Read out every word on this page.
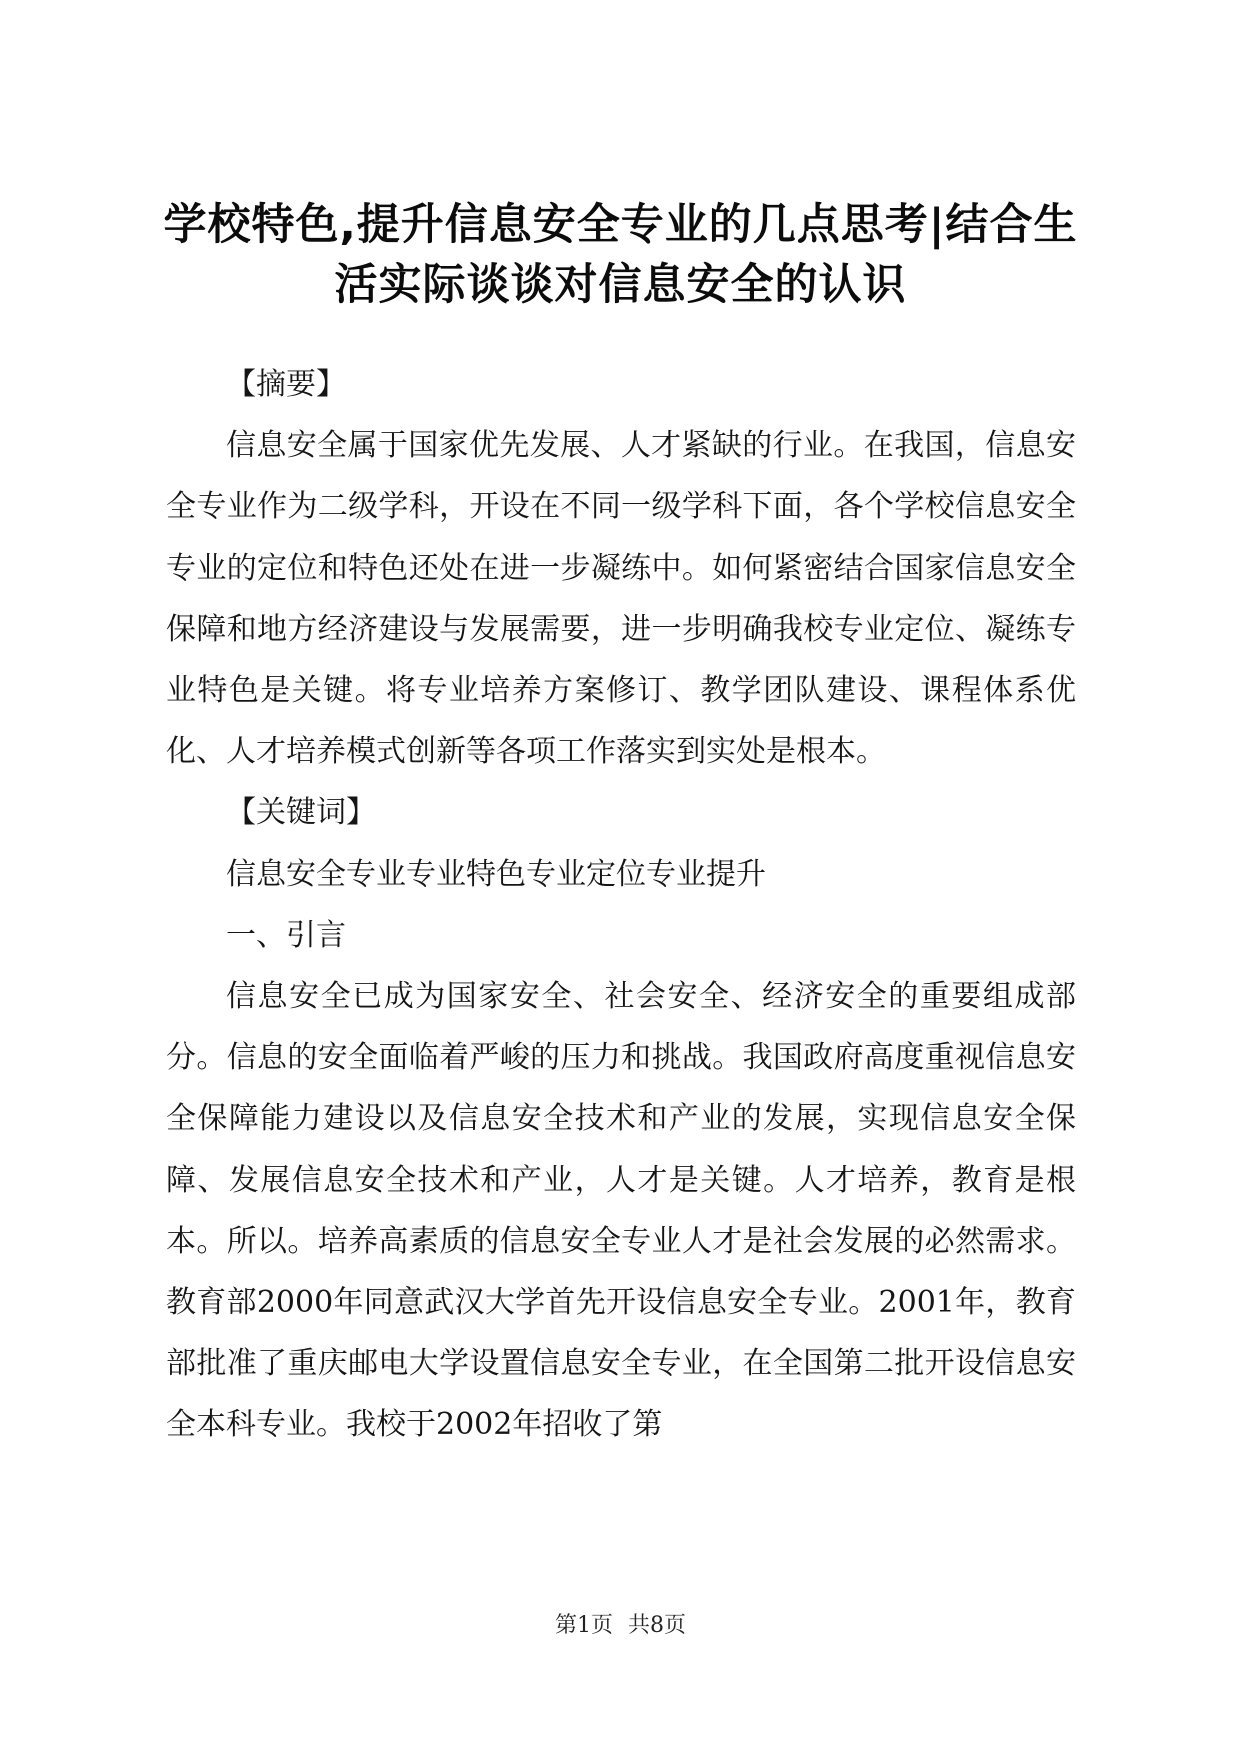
学校特色,提升信息安全专业的几点思考|结合生活实际谈谈对信息安全的认识

【摘要】

信息安全属于国家优先发展、人才紧缺的行业。在我国，信息安全专业作为二级学科，开设在不同一级学科下面，各个学校信息安全专业的定位和特色还处在进一步凝练中。如何紧密结合国家信息安全保障和地方经济建设与发展需要，进一步明确我校专业定位、凝练专业特色是关键。将专业培养方案修订、教学团队建设、课程体系优化、人才培养模式创新等各项工作落实到实处是根本。

【关键词】

信息安全专业专业特色专业定位专业提升

一、引言

信息安全已成为国家安全、社会安全、经济安全的重要组成部分。信息的安全面临着严峻的压力和挑战。我国政府高度重视信息安全保障能力建设以及信息安全技术和产业的发展，实现信息安全保障、发展信息安全技术和产业，人才是关键。人才培养，教育是根本。所以。培养高素质的信息安全专业人才是社会发展的必然需求。教育部2000年同意武汉大学首先开设信息安全专业。2001年，教育部批准了重庆邮电大学设置信息安全专业，在全国第二批开设信息安全本科专业。我校于2002年招收了第

第1页 共8页
